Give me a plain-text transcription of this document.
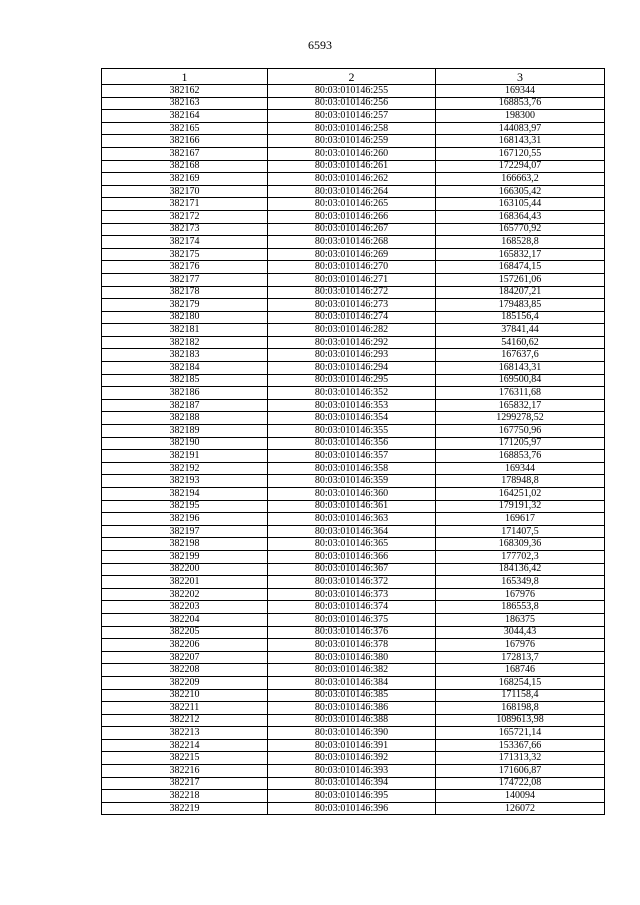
6593
1	2	3
382162	80:03:010146:255	169344
382163	80:03:010146:256	168853,76
382164	80:03:010146:257	198300
382165	80:03:010146:258	144083,97
382166	80:03:010146:259	168143,31
382167	80:03:010146:260	167120,55
382168	80:03:010146:261	172294,07
382169	80:03:010146:262	166663,2
382170	80:03:010146:264	166305,42
382171	80:03:010146:265	163105,44
382172	80:03:010146:266	168364,43
382173	80:03:010146:267	165770,92
382174	80:03:010146:268	168528,8
382175	80:03:010146:269	165832,17
382176	80:03:010146:270	168474,15
382177	80:03:010146:271	157261,06
382178	80:03:010146:272	184207,21
382179	80:03:010146:273	179483,85
382180	80:03:010146:274	185156,4
382181	80:03:010146:282	37841,44
382182	80:03:010146:292	54160,62
382183	80:03:010146:293	167637,6
382184	80:03:010146:294	168143,31
382185	80:03:010146:295	169500,84
382186	80:03:010146:352	176311,68
382187	80:03:010146:353	165832,17
382188	80:03:010146:354	1299278,52
382189	80:03:010146:355	167750,96
382190	80:03:010146:356	171205,97
382191	80:03:010146:357	168853,76
382192	80:03:010146:358	169344
382193	80:03:010146:359	178948,8
382194	80:03:010146:360	164251,02
382195	80:03:010146:361	179191,32
382196	80:03:010146:363	169617
382197	80:03:010146:364	171407,5
382198	80:03:010146:365	168309,36
382199	80:03:010146:366	177702,3
382200	80:03:010146:367	184136,42
382201	80:03:010146:372	165349,8
382202	80:03:010146:373	167976
382203	80:03:010146:374	186553,8
382204	80:03:010146:375	186375
382205	80:03:010146:376	3044,43
382206	80:03:010146:378	167976
382207	80:03:010146:380	172813,7
382208	80:03:010146:382	168746
382209	80:03:010146:384	168254,15
382210	80:03:010146:385	171158,4
382211	80:03:010146:386	168198,8
382212	80:03:010146:388	1089613,98
382213	80:03:010146:390	165721,14
382214	80:03:010146:391	153367,66
382215	80:03:010146:392	171313,32
382216	80:03:010146:393	171606,87
382217	80:03:010146:394	174722,08
382218	80:03:010146:395	140094
382219	80:03:010146:396	126072
